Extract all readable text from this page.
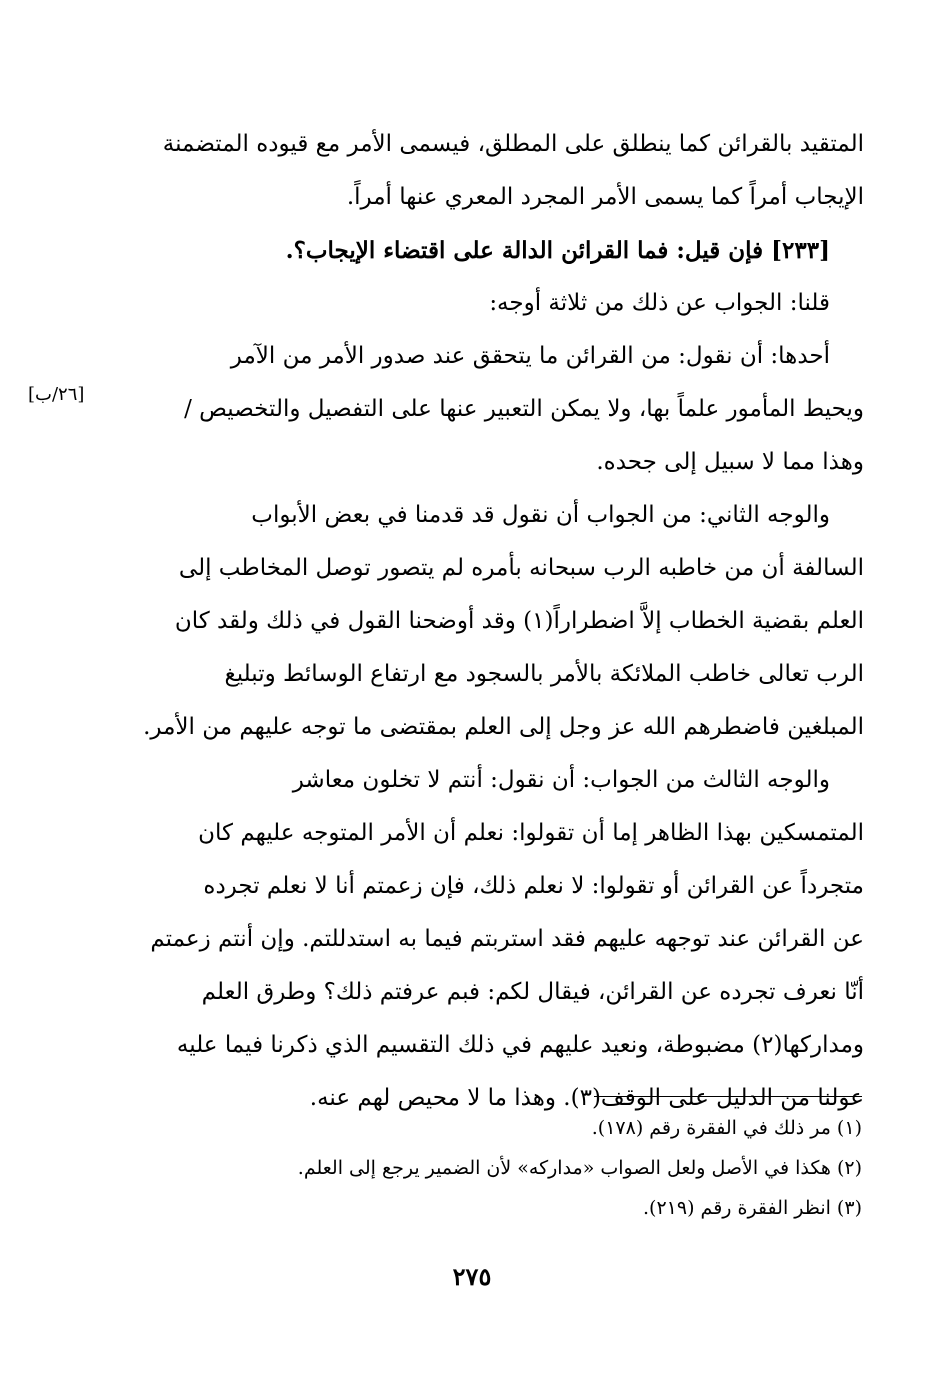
المتقيد بالقرائن كما ينطلق على المطلق، فيسمى الأمر مع قيوده المتضمنة
الإيجاب أمراً كما يسمى الأمر المجرد المعري عنها أمراً.
[٢٣٣] فإن قيل: فما القرائن الدالة على اقتضاء الإيجاب؟.
قلنا: الجواب عن ذلك من ثلاثة أوجه:
أحدها: أن نقول: من القرائن ما يتحقق عند صدور الأمر من الآمر
ويحيط المأمور علماً بها، ولا يمكن التعبير عنها على التفصيل والتخصيص /
وهذا مما لا سبيل إلى جحده.
والوجه الثاني: من الجواب أن نقول قد قدمنا في بعض الأبواب
السالفة أن من خاطبه الرب سبحانه بأمره لم يتصور توصل المخاطب إلى
العلم بقضية الخطاب إلاَّ اضطراراً(١) وقد أوضحنا القول في ذلك ولقد كان
الرب تعالى خاطب الملائكة بالأمر بالسجود مع ارتفاع الوسائط وتبليغ
المبلغين فاضطرهم الله عز وجل إلى العلم بمقتضى ما توجه عليهم من الأمر.
والوجه الثالث من الجواب: أن نقول: أنتم لا تخلون معاشر
المتمسكين بهذا الظاهر إما أن تقولوا: نعلم أن الأمر المتوجه عليهم كان
متجرداً عن القرائن أو تقولوا: لا نعلم ذلك، فإن زعمتم أنا لا نعلم تجرده
عن القرائن عند توجهه عليهم فقد استربتم فيما به استدللتم. وإن أنتم زعمتم
أنّا نعرف تجرده عن القرائن، فيقال لكم: فبم عرفتم ذلك؟ وطرق العلم
ومداركها(٢) مضبوطة، ونعيد عليهم في ذلك التقسيم الذي ذكرنا فيما عليه
عولنا من الدليل على الوقف(٣). وهذا ما لا محيص لهم عنه.
[٢٦/ب]
(١) مر ذلك في الفقرة رقم (١٧٨).
(٢) هكذا في الأصل ولعل الصواب «مداركه» لأن الضمير يرجع إلى العلم.
(٣) انظر الفقرة رقم (٢١٩).
٢٧٥
